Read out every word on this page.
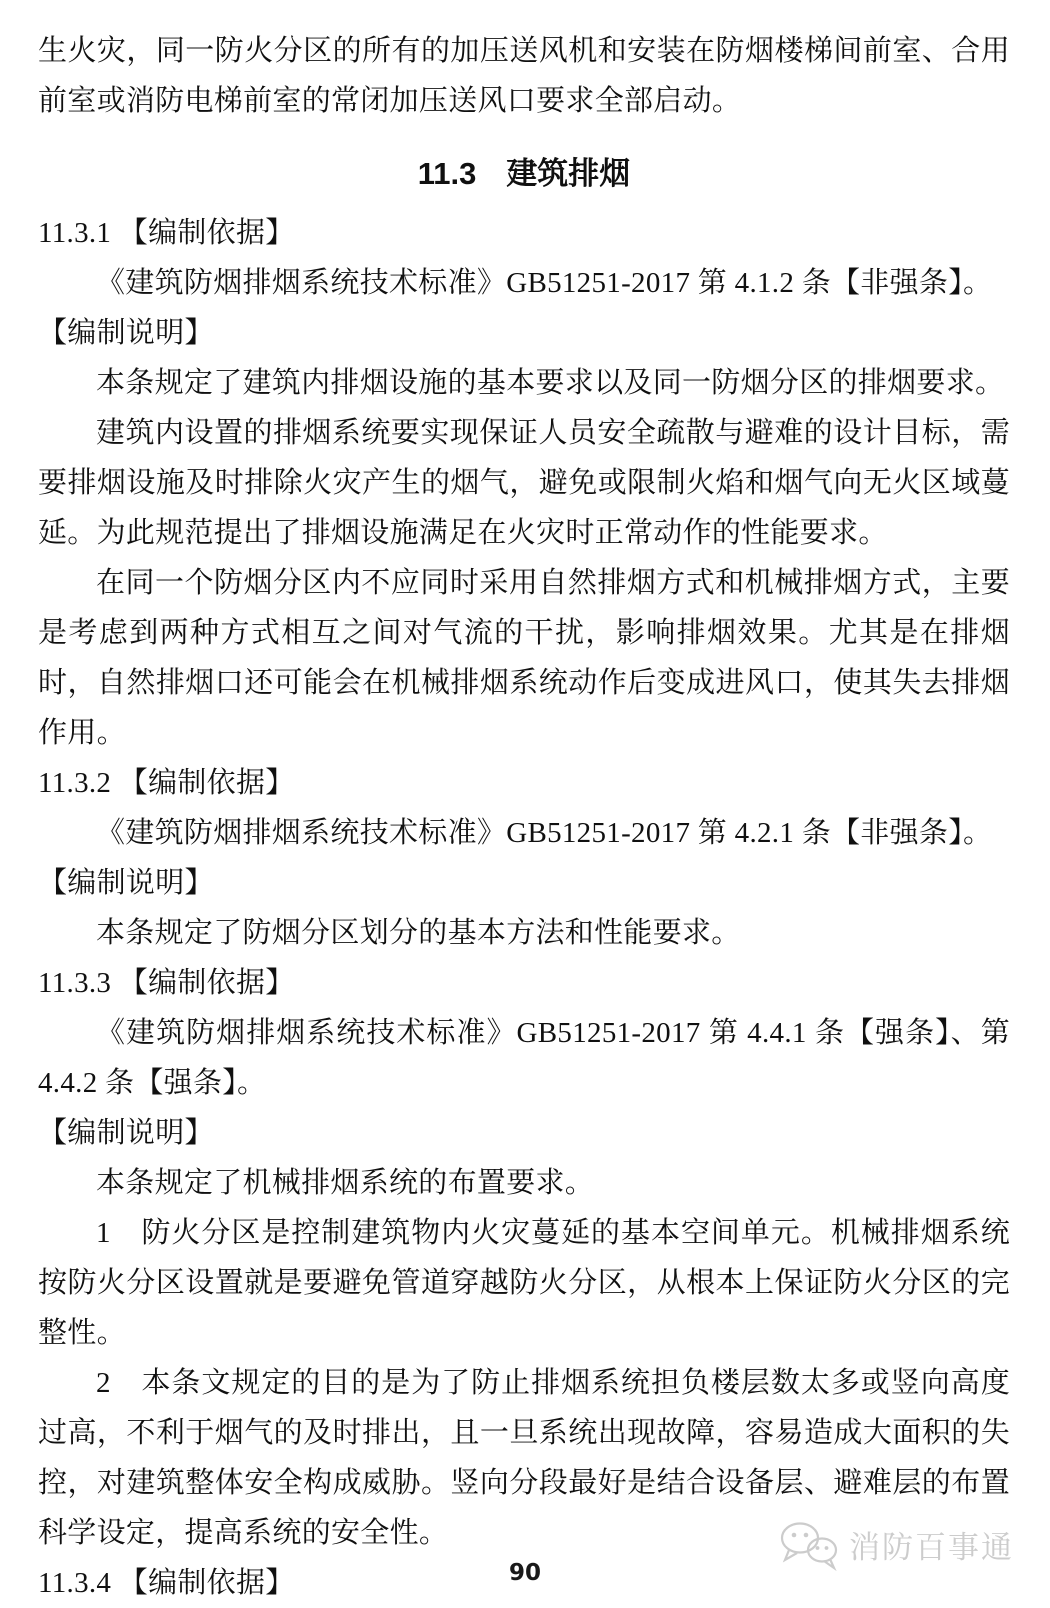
生火灾，同一防火分区的所有的加压送风机和安装在防烟楼梯间前室、合用前室或消防电梯前室的常闭加压送风口要求全部启动。

11.3 建筑排烟

11.3.1 【编制依据】

《建筑防烟排烟系统技术标准》GB51251-2017 第 4.1.2 条【非强条】。

【编制说明】

本条规定了建筑内排烟设施的基本要求以及同一防烟分区的排烟要求。

建筑内设置的排烟系统要实现保证人员安全疏散与避难的设计目标，需要排烟设施及时排除火灾产生的烟气，避免或限制火焰和烟气向无火区域蔓延。为此规范提出了排烟设施满足在火灾时正常动作的性能要求。

在同一个防烟分区内不应同时采用自然排烟方式和机械排烟方式，主要是考虑到两种方式相互之间对气流的干扰，影响排烟效果。尤其是在排烟时，自然排烟口还可能会在机械排烟系统动作后变成进风口，使其失去排烟作用。

11.3.2 【编制依据】

《建筑防烟排烟系统技术标准》GB51251-2017 第 4.2.1 条【非强条】。

【编制说明】

本条规定了防烟分区划分的基本方法和性能要求。

11.3.3 【编制依据】

《建筑防烟排烟系统技术标准》GB51251-2017 第 4.4.1 条【强条】、第 4.4.2 条【强条】。

【编制说明】

本条规定了机械排烟系统的布置要求。

1　防火分区是控制建筑物内火灾蔓延的基本空间单元。机械排烟系统按防火分区设置就是要避免管道穿越防火分区，从根本上保证防火分区的完整性。

2　本条文规定的目的是为了防止排烟系统担负楼层数太多或竖向高度过高，不利于烟气的及时排出，且一旦系统出现故障，容易造成大面积的失控，对建筑整体安全构成威胁。竖向分段最好是结合设备层、避难层的布置科学设定，提高系统的安全性。

11.3.4 【编制依据】

消防百事通
90
